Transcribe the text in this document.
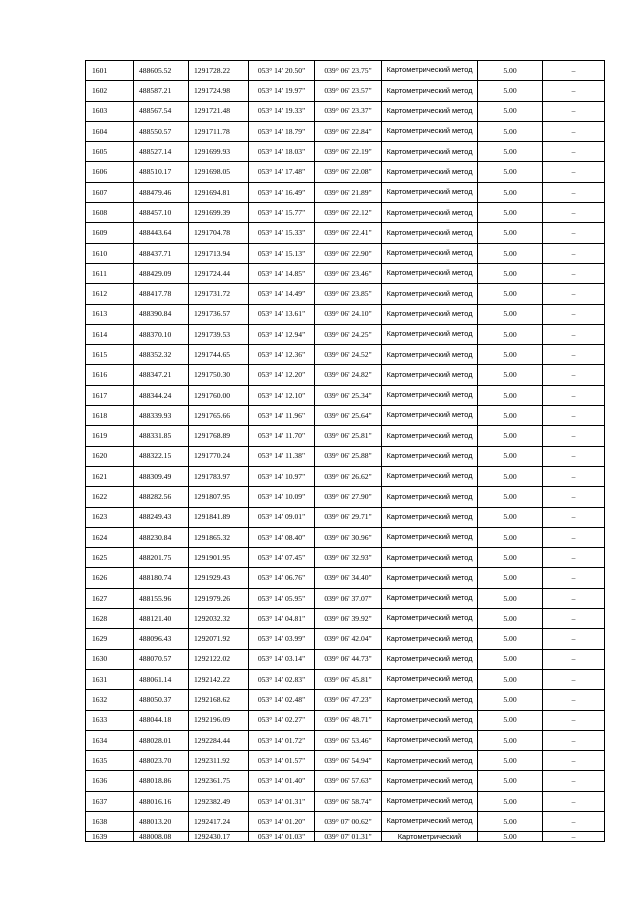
1601	488605.52	1291728.22	053° 14' 20.50"	039° 06' 23.75"	Картометрический метод	5.00	–
1602	488587.21	1291724.98	053° 14' 19.97"	039° 06' 23.57"	Картометрический метод	5.00	–
1603	488567.54	1291721.48	053° 14' 19.33"	039° 06' 23.37"	Картометрический метод	5.00	–
1604	488550.57	1291711.78	053° 14' 18.79"	039° 06' 22.84"	Картометрический метод	5.00	–
1605	488527.14	1291699.93	053° 14' 18.03"	039° 06' 22.19"	Картометрический метод	5.00	–
1606	488510.17	1291698.05	053° 14' 17.48"	039° 06' 22.08"	Картометрический метод	5.00	–
1607	488479.46	1291694.81	053° 14' 16.49"	039° 06' 21.89"	Картометрический метод	5.00	–
1608	488457.10	1291699.39	053° 14' 15.77"	039° 06' 22.12"	Картометрический метод	5.00	–
1609	488443.64	1291704.78	053° 14' 15.33"	039° 06' 22.41"	Картометрический метод	5.00	–
1610	488437.71	1291713.94	053° 14' 15.13"	039° 06' 22.90"	Картометрический метод	5.00	–
1611	488429.09	1291724.44	053° 14' 14.85"	039° 06' 23.46"	Картометрический метод	5.00	–
1612	488417.78	1291731.72	053° 14' 14.49"	039° 06' 23.85"	Картометрический метод	5.00	–
1613	488390.84	1291736.57	053° 14' 13.61"	039° 06' 24.10"	Картометрический метод	5.00	–
1614	488370.10	1291739.53	053° 14' 12.94"	039° 06' 24.25"	Картометрический метод	5.00	–
1615	488352.32	1291744.65	053° 14' 12.36"	039° 06' 24.52"	Картометрический метод	5.00	–
1616	488347.21	1291750.30	053° 14' 12.20"	039° 06' 24.82"	Картометрический метод	5.00	–
1617	488344.24	1291760.00	053° 14' 12.10"	039° 06' 25.34"	Картометрический метод	5.00	–
1618	488339.93	1291765.66	053° 14' 11.96"	039° 06' 25.64"	Картометрический метод	5.00	–
1619	488331.85	1291768.89	053° 14' 11.70"	039° 06' 25.81"	Картометрический метод	5.00	–
1620	488322.15	1291770.24	053° 14' 11.38"	039° 06' 25.88"	Картометрический метод	5.00	–
1621	488309.49	1291783.97	053° 14' 10.97"	039° 06' 26.62"	Картометрический метод	5.00	–
1622	488282.56	1291807.95	053° 14' 10.09"	039° 06' 27.90"	Картометрический метод	5.00	–
1623	488249.43	1291841.89	053° 14' 09.01"	039° 06' 29.71"	Картометрический метод	5.00	–
1624	488230.84	1291865.32	053° 14' 08.40"	039° 06' 30.96"	Картометрический метод	5.00	–
1625	488201.75	1291901.95	053° 14' 07.45"	039° 06' 32.93"	Картометрический метод	5.00	–
1626	488180.74	1291929.43	053° 14' 06.76"	039° 06' 34.40"	Картометрический метод	5.00	–
1627	488155.96	1291979.26	053° 14' 05.95"	039° 06' 37.07"	Картометрический метод	5.00	–
1628	488121.40	1292032.32	053° 14' 04.81"	039° 06' 39.92"	Картометрический метод	5.00	–
1629	488096.43	1292071.92	053° 14' 03.99"	039° 06' 42.04"	Картометрический метод	5.00	–
1630	488070.57	1292122.02	053° 14' 03.14"	039° 06' 44.73"	Картометрический метод	5.00	–
1631	488061.14	1292142.22	053° 14' 02.83"	039° 06' 45.81"	Картометрический метод	5.00	–
1632	488050.37	1292168.62	053° 14' 02.48"	039° 06' 47.23"	Картометрический метод	5.00	–
1633	488044.18	1292196.09	053° 14' 02.27"	039° 06' 48.71"	Картометрический метод	5.00	–
1634	488028.01	1292284.44	053° 14' 01.72"	039° 06' 53.46"	Картометрический метод	5.00	–
1635	488023.70	1292311.92	053° 14' 01.57"	039° 06' 54.94"	Картометрический метод	5.00	–
1636	488018.86	1292361.75	053° 14' 01.40"	039° 06' 57.63"	Картометрический метод	5.00	–
1637	488016.16	1292382.49	053° 14' 01.31"	039° 06' 58.74"	Картометрический метод	5.00	–
1638	488013.20	1292417.24	053° 14' 01.20"	039° 07' 00.62"	Картометрический метод	5.00	–
1639	488008.08	1292430.17	053° 14' 01.03"	039° 07' 01.31"	Картометрический	5.00	–
